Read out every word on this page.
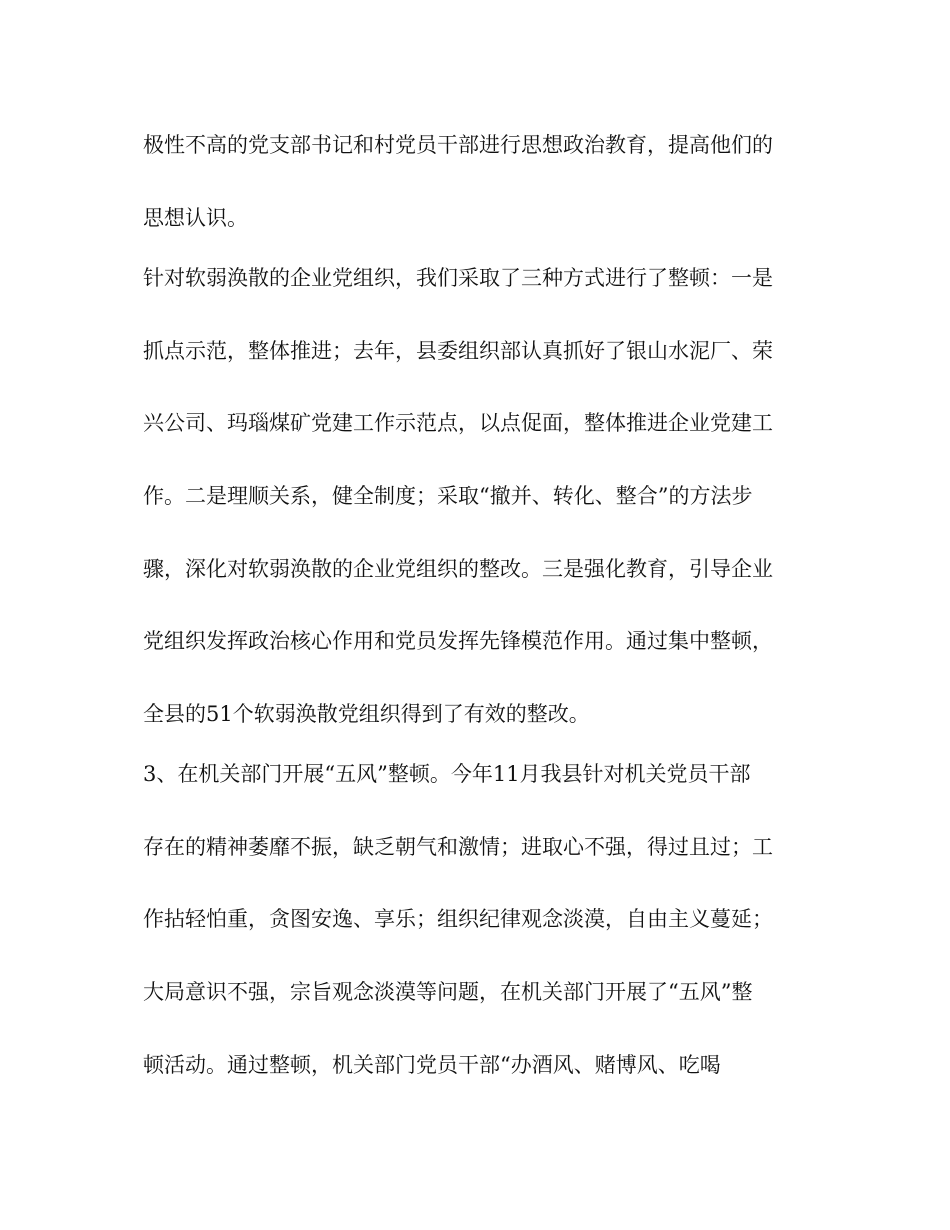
极性不高的党支部书记和村党员干部进行思想政治教育，提高他们的
思想认识。
针对软弱涣散的企业党组织，我们采取了三种方式进行了整顿：一是
抓点示范，整体推进；去年，县委组织部认真抓好了银山水泥厂、荣
兴公司、玛瑙煤矿党建工作示范点，以点促面，整体推进企业党建工
作。二是理顺关系，健全制度；采取“撤并、转化、整合”的方法步
骤，深化对软弱涣散的企业党组织的整改。三是强化教育，引导企业
党组织发挥政治核心作用和党员发挥先锋模范作用。通过集中整顿，
全县的51个软弱涣散党组织得到了有效的整改。
3、在机关部门开展“五风”整顿。今年11月我县针对机关党员干部
存在的精神萎靡不振，缺乏朝气和激情；进取心不强，得过且过；工
作拈轻怕重，贪图安逸、享乐；组织纪律观念淡漠，自由主义蔓延；
大局意识不强，宗旨观念淡漠等问题，在机关部门开展了“五风”整
顿活动。通过整顿，机关部门党员干部“办酒风、赌博风、吃喝
